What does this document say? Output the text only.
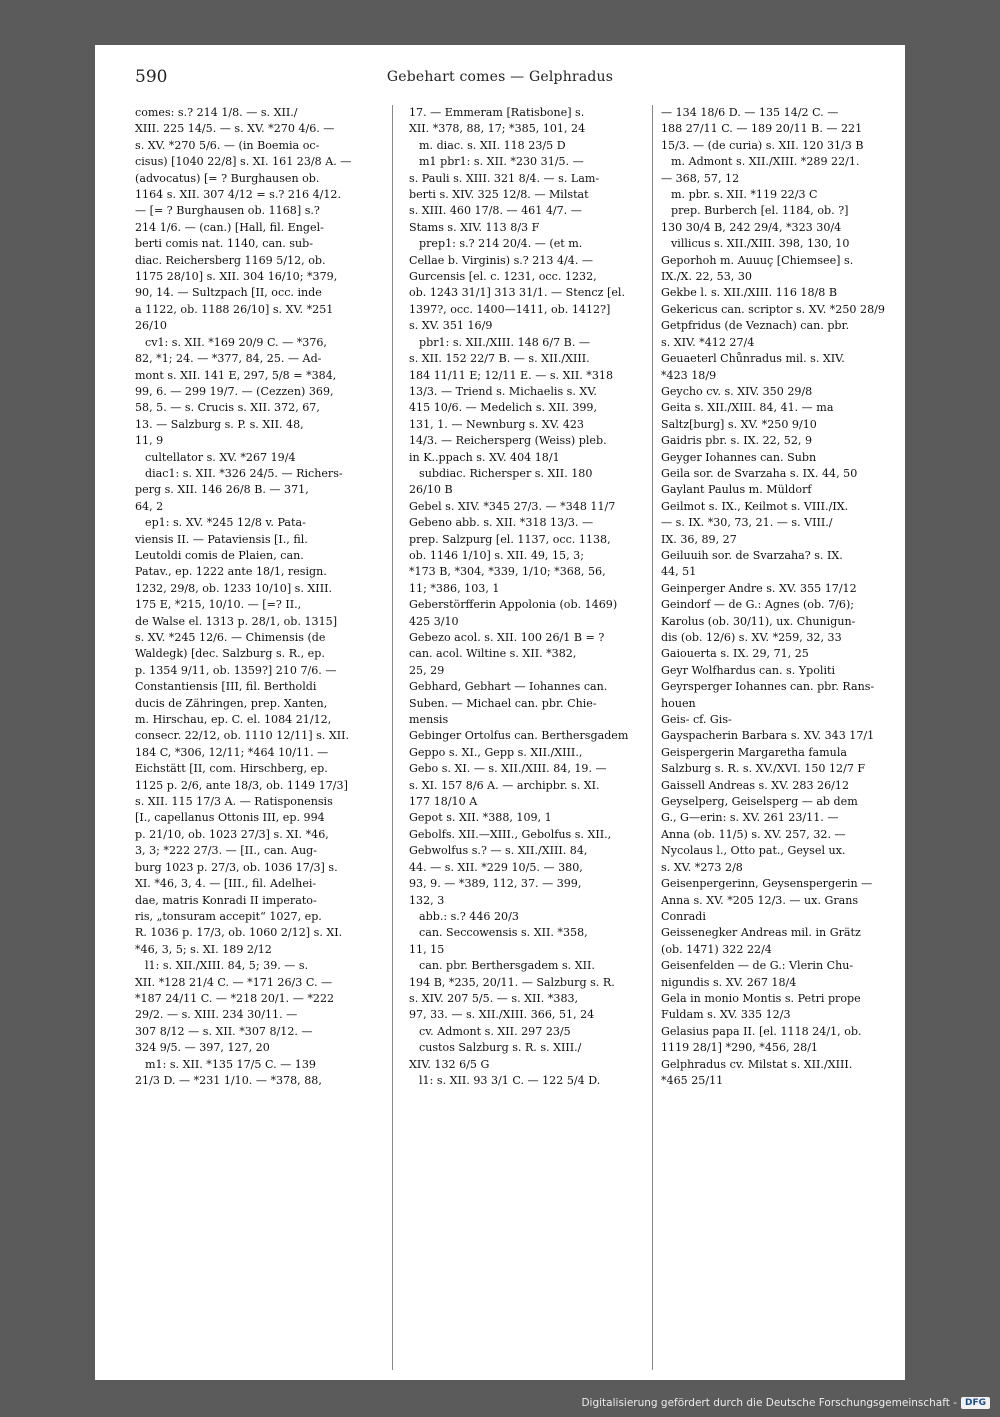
590	Gebehart comes — Gelphradus
comes: s.? 214 1/8. — s. XII./
XIII. 225 14/5. — s. XV. *270 4/6. —
s. XV. *270 5/6. — (in Boemia oc-
cisus) [1040 22/8] s. XI. 161 23/8 A. —
(advocatus) [= ? Burghausen ob.
1164 s. XII. 307 4/12 = s.? 216 4/12.
— [= ? Burghausen ob. 1168] s.?
214 1/6. — (can.) [Hall, fil. Engel-
berti comis nat. 1140, can. sub-
diac. Reichersberg 1169 5/12, ob.
1175 28/10] s. XII. 304 16/10; *379,
90, 14. — Sultzpach [II, occ. inde
a 1122, ob. 1188 26/10] s. XV. *251
26/10
cv1: s. XII. *169 20/9 C. — *376,
82, *1; 24. — *377, 84, 25. — Ad-
mont s. XII. 141 E, 297, 5/8 = *384,
99, 6. — 299 19/7. — (Cezzen) 369,
58, 5. — s. Crucis s. XII. 372, 67,
13. — Salzburg s. P. s. XII. 48,
11, 9
cultellator s. XV. *267 19/4
diac1: s. XII. *326 24/5. — Richers-
perg s. XII. 146 26/8 B. — 371,
64, 2
ep1: s. XV. *245 12/8 v. Pata-
viensis II. — Pataviensis [I., fil.
Leutoldi comis de Plaien, can.
Patav., ep. 1222 ante 18/1, resign.
1232, 29/8, ob. 1233 10/10] s. XIII.
175 E, *215, 10/10. — [=? II.,
de Walse el. 1313 p. 28/1, ob. 1315]
s. XV. *245 12/6. — Chimensis (de
Waldegk) [dec. Salzburg s. R., ep.
p. 1354 9/11, ob. 1359?] 210 7/6. —
Constantiensis [III, fil. Bertholdi
ducis de Zähringen, prep. Xanten,
m. Hirschau, ep. C. el. 1084 21/12,
consecr. 22/12, ob. 1110 12/11] s. XII.
184 C, *306, 12/11; *464 10/11. —
Eichstätt [II, com. Hirschberg, ep.
1125 p. 2/6, ante 18/3, ob. 1149 17/3]
s. XII. 115 17/3 A. — Ratisponensis
[I., capellanus Ottonis III, ep. 994
p. 21/10, ob. 1023 27/3] s. XI. *46,
3, 3; *222 27/3. — [II., can. Aug-
burg 1023 p. 27/3, ob. 1036 17/3] s.
XI. *46, 3, 4. — [III., fil. Adelhei-
dae, matris Konradi II imperato-
ris, „tonsuram accepit“ 1027, ep.
R. 1036 p. 17/3, ob. 1060 2/12] s. XI.
*46, 3, 5; s. XI. 189 2/12
l1: s. XII./XIII. 84, 5; 39. — s.
XII. *128 21/4 C. — *171 26/3 C. —
*187 24/11 C. — *218 20/1. — *222
29/2. — s. XIII. 234 30/11. —
307 8/12 — s. XII. *307 8/12. —
324 9/5. — 397, 127, 20
m1: s. XII. *135 17/5 C. — 139
21/3 D. — *231 1/10. — *378, 88,
17. — Emmeram [Ratisbone] s.
XII. *378, 88, 17; *385, 101, 24
m. diac. s. XII. 118 23/5 D
m1 pbr1: s. XII. *230 31/5. —
s. Pauli s. XIII. 321 8/4. — s. Lam-
berti s. XIV. 325 12/8. — Milstat
s. XIII. 460 17/8. — 461 4/7. —
Stams s. XIV. 113 8/3 F
prep1: s.? 214 20/4. — (et m.
Cellae b. Virginis) s.? 213 4/4. —
Gurcensis [el. c. 1231, occ. 1232,
ob. 1243 31/1] 313 31/1. — Stencz [el.
1397?, occ. 1400—1411, ob. 1412?]
s. XV. 351 16/9
pbr1: s. XII./XIII. 148 6/7 B. —
s. XII. 152 22/7 B. — s. XII./XIII.
184 11/11 E; 12/11 E. — s. XII. *318
13/3. — Triend s. Michaelis s. XV.
415 10/6. — Medelich s. XII. 399,
131, 1. — Newnburg s. XV. 423
14/3. — Reichersperg (Weiss) pleb.
in K..ppach s. XV. 404 18/1
subdiac. Richersper s. XII. 180
26/10 B
Gebel s. XIV. *345 27/3. — *348 11/7
Gebeno abb. s. XII. *318 13/3. —
prep. Salzpurg [el. 1137, occ. 1138,
ob. 1146 1/10] s. XII. 49, 15, 3;
*173 B, *304, *339, 1/10; *368, 56,
11; *386, 103, 1
Geberstörfferin Appolonia (ob. 1469)
425 3/10
Gebezo acol. s. XII. 100 26/1 B = ?
can. acol. Wiltine s. XII. *382,
25, 29
Gebhard, Gebhart — Iohannes can.
Suben. — Michael can. pbr. Chie-
mensis
Gebinger Ortolfus can. Berthersgadem
Geppo s. XI., Gepp s. XII./XIII.,
Gebo s. XI. — s. XII./XIII. 84, 19. —
s. XI. 157 8/6 A. — archipbr. s. XI.
177 18/10 A
Gepot s. XII. *388, 109, 1
Gebolfs. XII.—XIII., Gebolfus s. XII.,
Gebwolfus s.? — s. XII./XIII. 84,
44. — s. XII. *229 10/5. — 380,
93, 9. — *389, 112, 37. — 399,
132, 3
abb.: s.? 446 20/3
can. Seccowensis s. XII. *358,
11, 15
can. pbr. Berthersgadem s. XII.
194 B, *235, 20/11. — Salzburg s. R.
s. XIV. 207 5/5. — s. XII. *383,
97, 33. — s. XII./XIII. 366, 51, 24
cv. Admont s. XII. 297 23/5
custos Salzburg s. R. s. XIII./
XIV. 132 6/5 G
l1: s. XII. 93 3/1 C. — 122 5/4 D.
— 134 18/6 D. — 135 14/2 C. —
188 27/11 C. — 189 20/11 B. — 221
15/3. — (de curia) s. XII. 120 31/3 B
m. Admont s. XII./XIII. *289 22/1.
— 368, 57, 12
m. pbr. s. XII. *119 22/3 C
prep. Burberch [el. 1184, ob. ?]
130 30/4 B, 242 29/4, *323 30/4
villicus s. XII./XIII. 398, 130, 10
Geporhoh m. Auuuç [Chiemsee] s.
IX./X. 22, 53, 30
Gekbe l. s. XII./XIII. 116 18/8 B
Gekericus can. scriptor s. XV. *250 28/9
Getpfridus (de Veznach) can. pbr.
s. XIV. *412 27/4
Geuaeterl Chůnradus mil. s. XIV.
*423 18/9
Geycho cv. s. XIV. 350 29/8
Geita s. XII./XIII. 84, 41. — ma
Saltz[burg] s. XV. *250 9/10
Gaidris pbr. s. IX. 22, 52, 9
Geyger Iohannes can. Subn
Geila sor. de Svarzaha s. IX. 44, 50
Gaylant Paulus m. Müldorf
Geilmot s. IX., Keilmot s. VIII./IX.
— s. IX. *30, 73, 21. — s. VIII./
IX. 36, 89, 27
Geiluuih sor. de Svarzaha? s. IX.
44, 51
Geinperger Andre s. XV. 355 17/12
Geindorf — de G.: Agnes (ob. 7/6);
Karolus (ob. 30/11), ux. Chunigun-
dis (ob. 12/6) s. XV. *259, 32, 33
Gaiouerta s. IX. 29, 71, 25
Geyr Wolfhardus can. s. Ypoliti
Geyrsperger Iohannes can. pbr. Rans-
houen
Geis- cf. Gis-
Gayspacherin Barbara s. XV. 343 17/1
Geispergerin Margaretha famula
Salzburg s. R. s. XV./XVI. 150 12/7 F
Gaissell Andreas s. XV. 283 26/12
Geyselperg, Geiselsperg — ab dem
G., G—erin: s. XV. 261 23/11. —
Anna (ob. 11/5) s. XV. 257, 32. —
Nycolaus l., Otto pat., Geysel ux.
s. XV. *273 2/8
Geisenpergerinn, Geysenspergerin —
Anna s. XV. *205 12/3. — ux. Grans
Conradi
Geissenegker Andreas mil. in Grätz
(ob. 1471) 322 22/4
Geisenfelden — de G.: Vlerin Chu-
nigundis s. XV. 267 18/4
Gela in monio Montis s. Petri prope
Fuldam s. XV. 335 12/3
Gelasius papa II. [el. 1118 24/1, ob.
1119 28/1] *290, *456, 28/1
Gelphradus cv. Milstat s. XII./XIII.
*465 25/11
Digitalisierung gefördert durch die Deutsche Forschungsgemeinschaft - DFG
